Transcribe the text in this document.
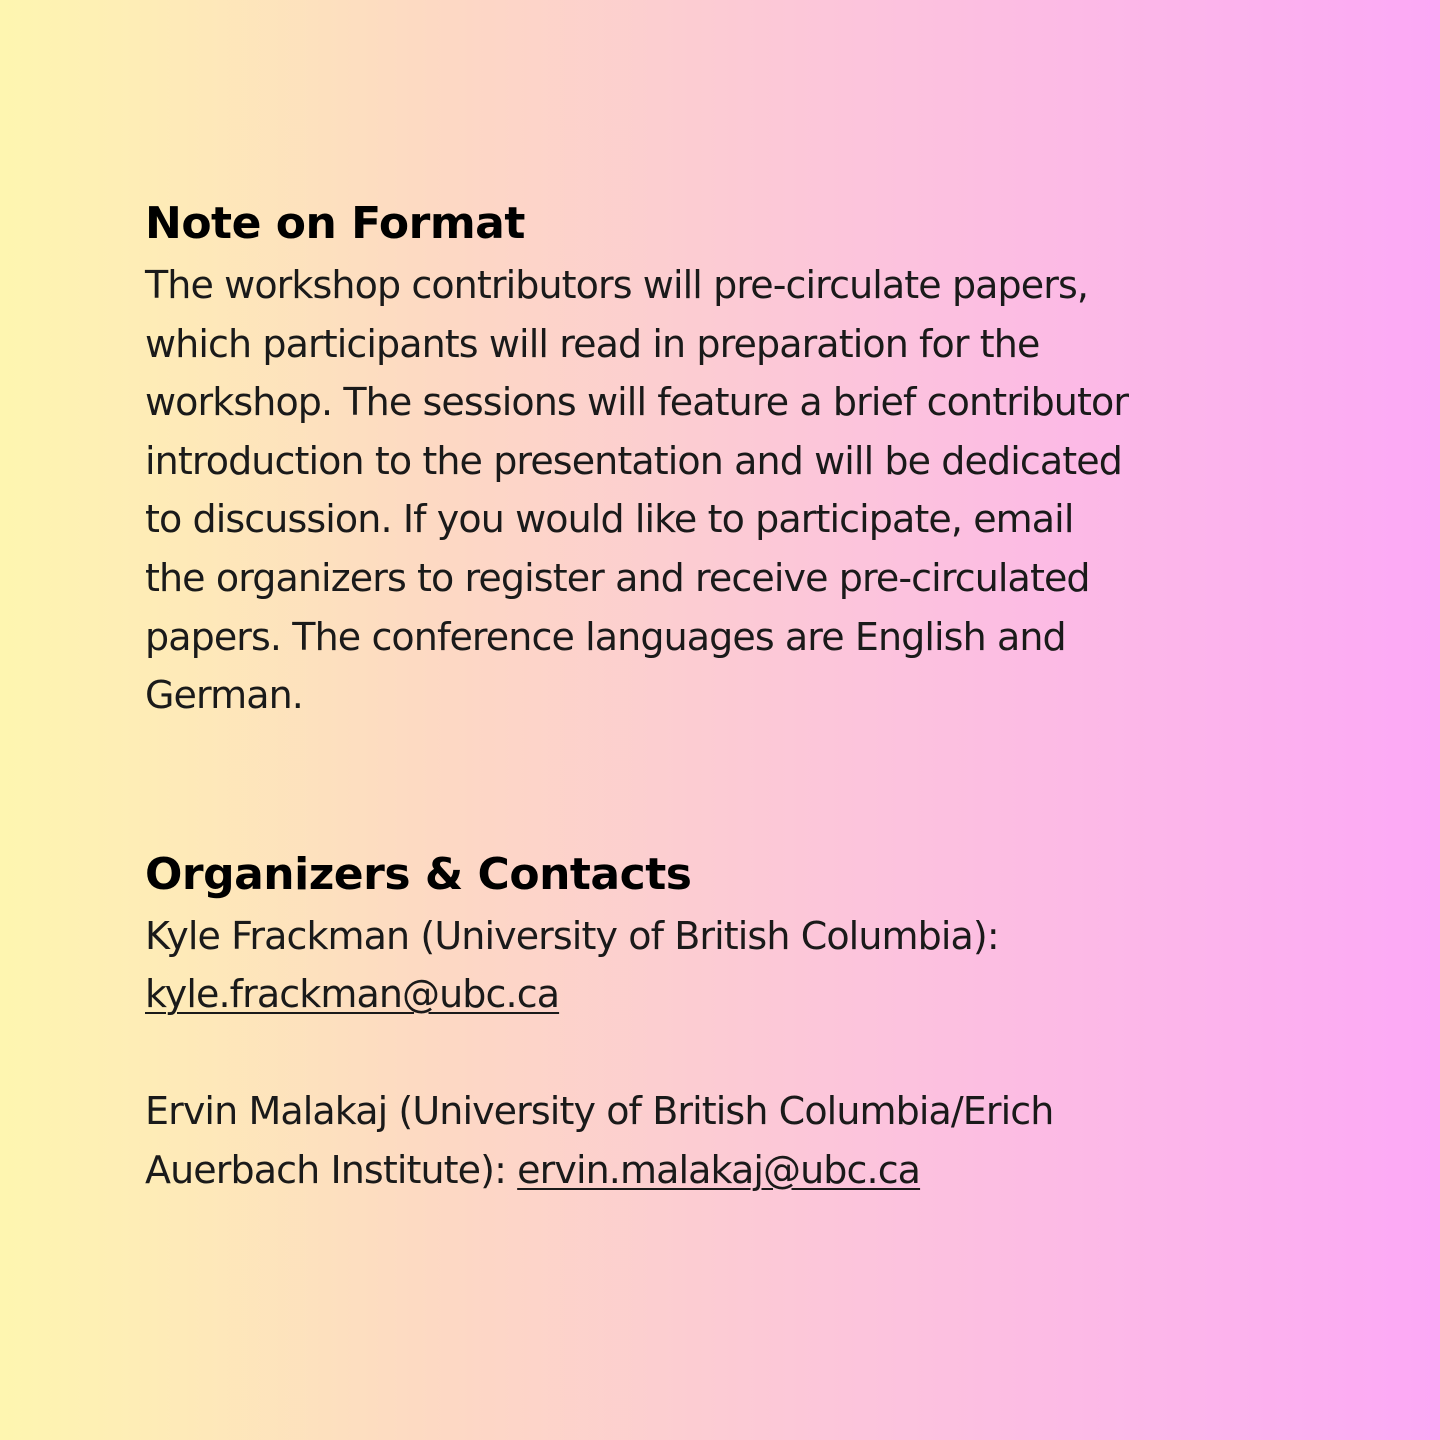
Note on Format

The workshop contributors will pre-circulate papers,
which participants will read in preparation for the
workshop. The sessions will feature a brief contributor
introduction to the presentation and will be dedicated
to discussion. If you would like to participate, email
the organizers to register and receive pre-circulated
papers. The conference languages are English and
German.

Organizers & Contacts

Kyle Frackman (University of British Columbia):
kyle.frackman@ubc.ca

Ervin Malakaj (University of British Columbia/Erich
Auerbach Institute): ervin.malakaj@ubc.ca
